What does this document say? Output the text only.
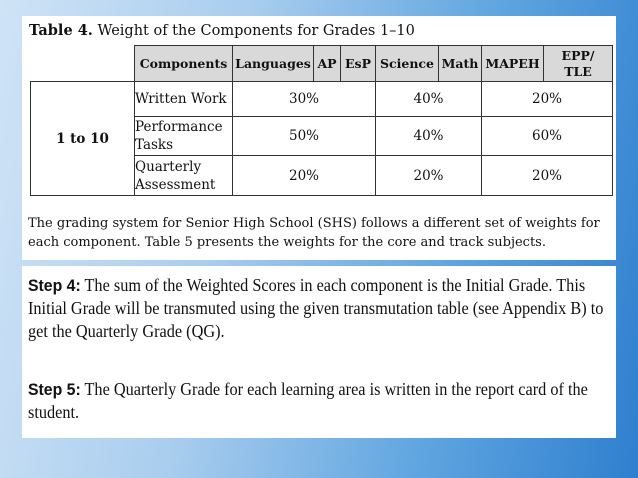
Table 4. Weight of the Components for Grades 1–10
	Components	Languages	AP	EsP	Science	Math	MAPEH	EPP/
TLE

1 to 10	Written Work	30%			40%		20%	

	Performance
Tasks	50%			40%		60%	

	Quarterly
Assessment	20%			20%		20%	
The grading system for Senior High School (SHS) follows a different set of weights for each component. Table 5 presents the weights for the core and track subjects.
Step 4: The sum of the Weighted Scores in each component is the Initial Grade. This Initial Grade will be transmuted using the given transmutation table (see Appendix B) to get the Quarterly Grade (QG).
Step 5: The Quarterly Grade for each learning area is written in the report card of the student.
